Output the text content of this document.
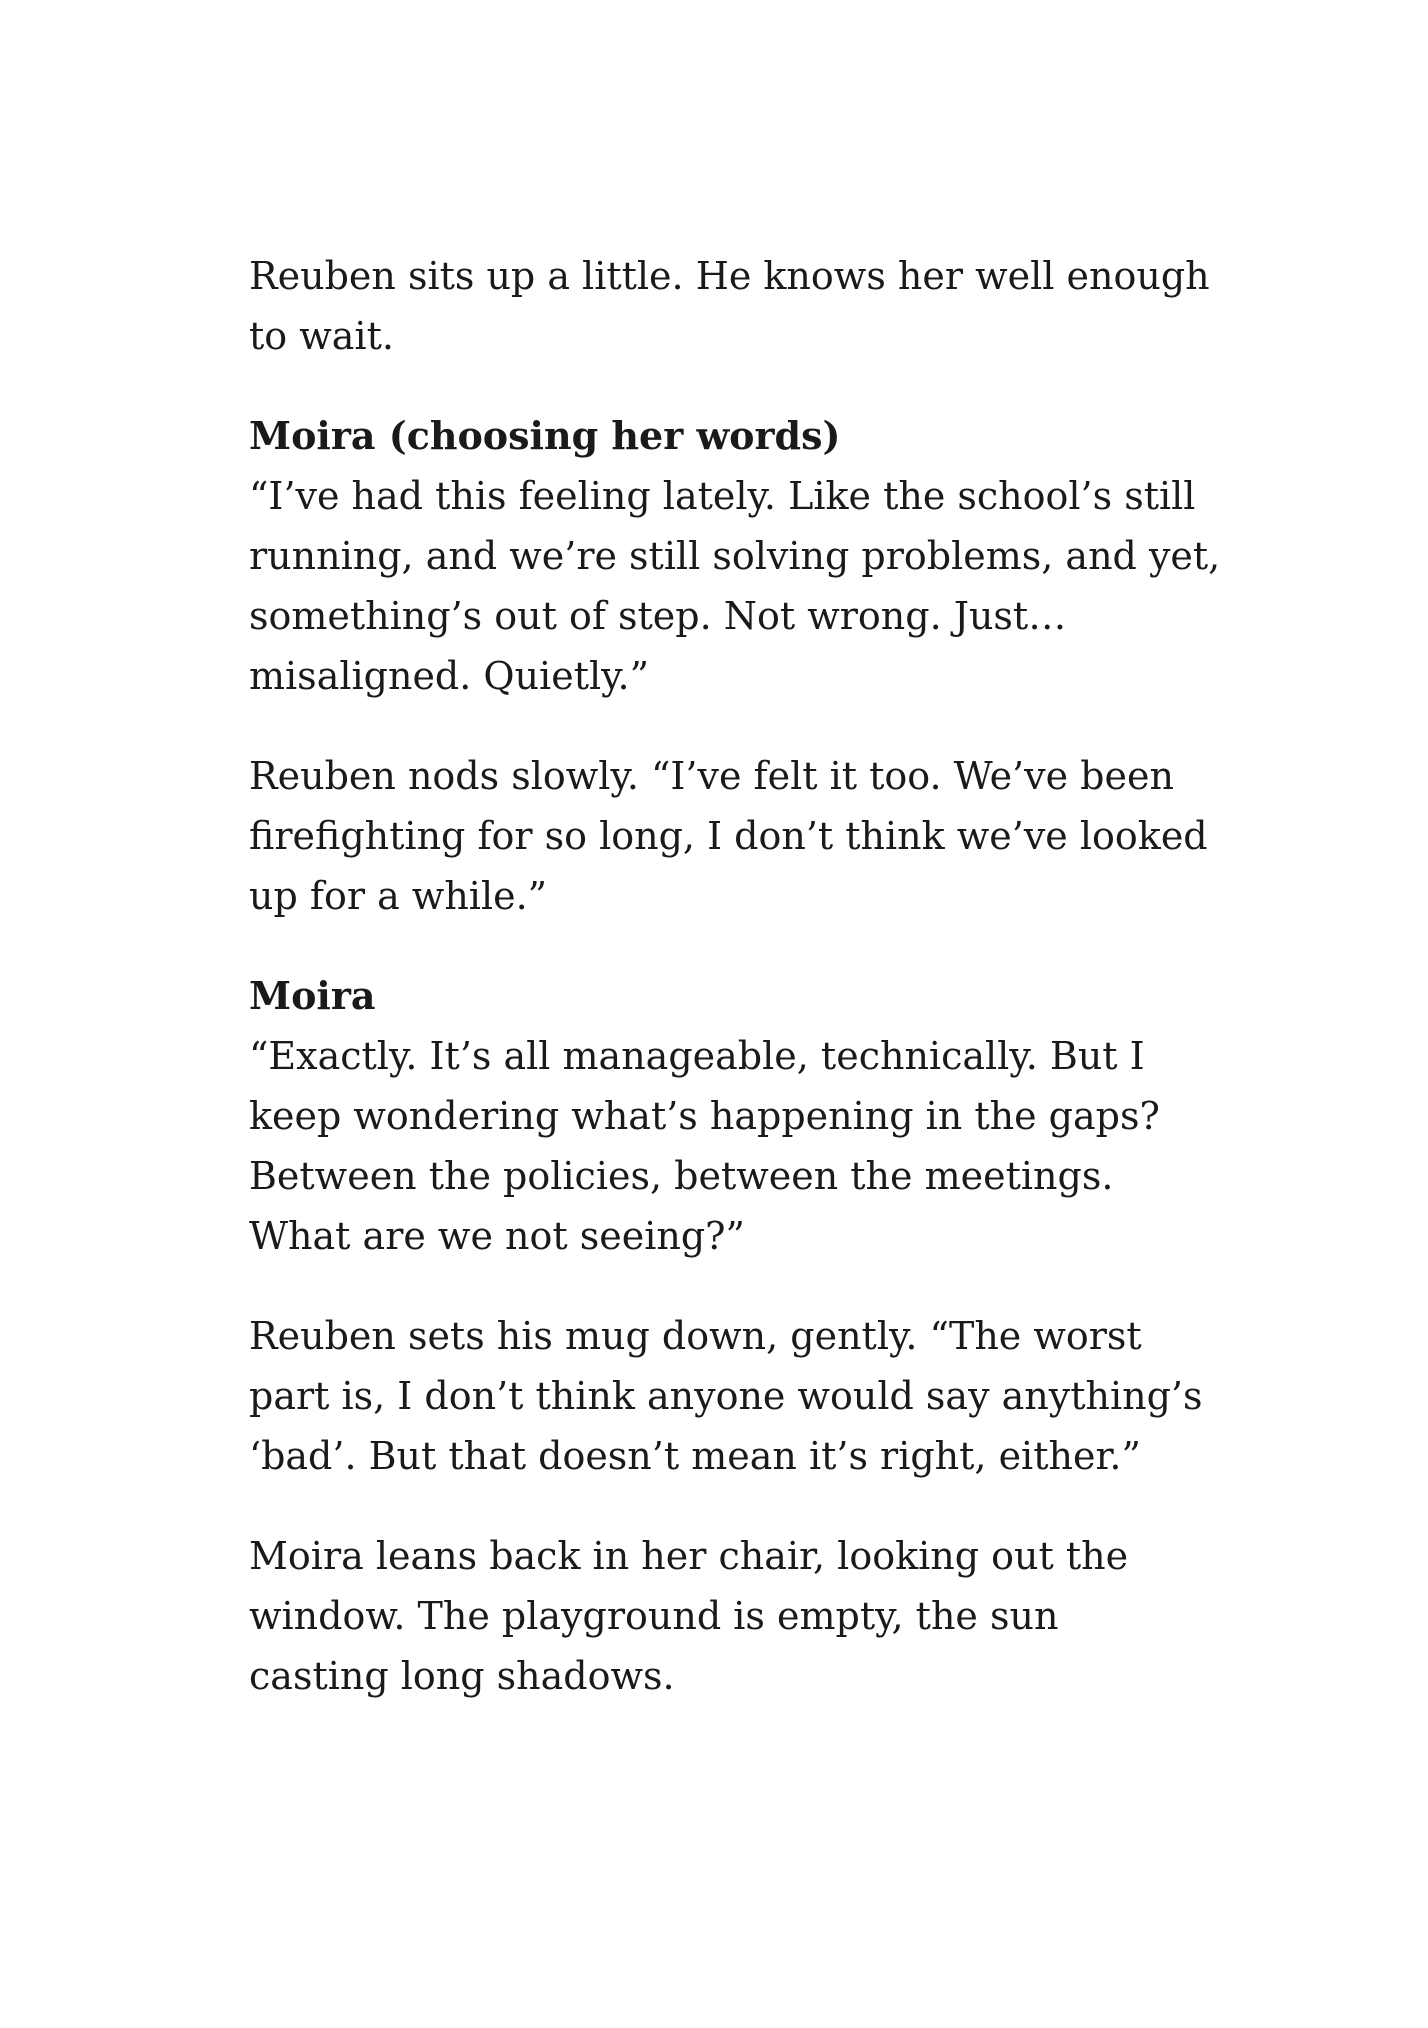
Reuben sits up a little. He knows her well enough
to wait.

Moira (choosing her words)
“I’ve had this feeling lately. Like the school’s still
running, and we’re still solving problems, and yet,
something’s out of step. Not wrong. Just…
misaligned. Quietly.”

Reuben nods slowly. “I’ve felt it too. We’ve been
firefighting for so long, I don’t think we’ve looked
up for a while.”

Moira
“Exactly. It’s all manageable, technically. But I
keep wondering what’s happening in the gaps?
Between the policies, between the meetings.
What are we not seeing?”

Reuben sets his mug down, gently. “The worst
part is, I don’t think anyone would say anything’s
‘bad’. But that doesn’t mean it’s right, either.”

Moira leans back in her chair, looking out the
window. The playground is empty, the sun
casting long shadows.
